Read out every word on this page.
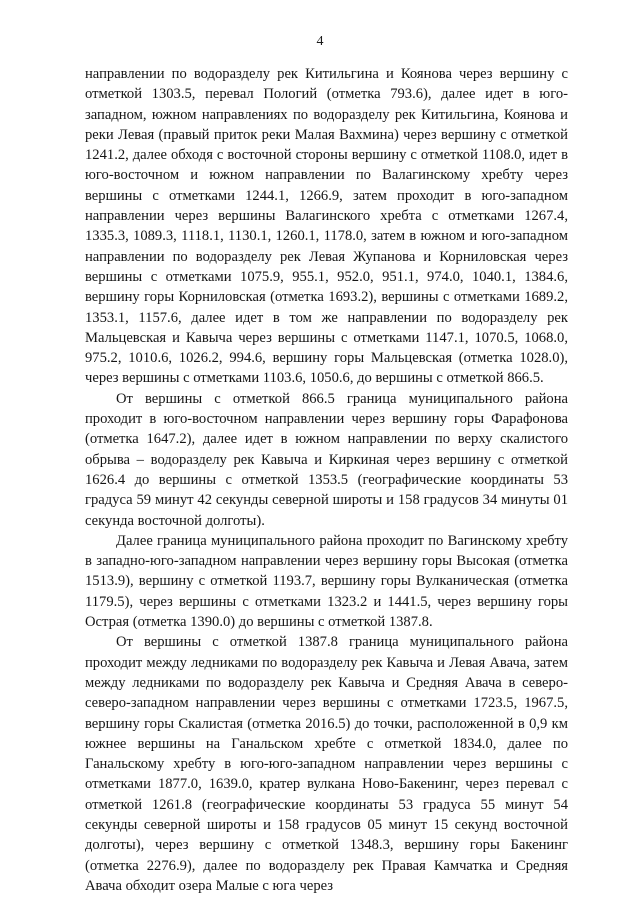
4

направлении по водоразделу рек Китильгина и Коянова через вершину с отметкой 1303.5, перевал Пологий (отметка 793.6), далее идет в юго-западном, южном направлениях по водоразделу рек Китильгина, Коянова и реки Левая (правый приток реки Малая Вахмина) через вершину с отметкой 1241.2, далее обходя с восточной стороны вершину с отметкой 1108.0, идет в юго-восточном и южном направлении по Валагинскому хребту через вершины с отметками 1244.1, 1266.9, затем проходит в юго-западном направлении через вершины Валагинского хребта с отметками 1267.4, 1335.3, 1089.3, 1118.1, 1130.1, 1260.1, 1178.0, затем в южном и юго-западном направлении по водоразделу рек Левая Жупанова и Корниловская через вершины с отметками 1075.9, 955.1, 952.0, 951.1, 974.0, 1040.1, 1384.6, вершину горы Корниловская (отметка 1693.2), вершины с отметками 1689.2, 1353.1, 1157.6, далее идет в том же направлении по водоразделу рек Мальцевская и Кавыча через вершины с отметками 1147.1, 1070.5, 1068.0, 975.2, 1010.6, 1026.2, 994.6, вершину горы Мальцевская (отметка 1028.0), через вершины с отметками 1103.6, 1050.6, до вершины с отметкой 866.5.

От вершины с отметкой 866.5 граница муниципального района проходит в юго-восточном направлении через вершину горы Фарафонова (отметка 1647.2), далее идет в южном направлении по верху скалистого обрыва – водоразделу рек Кавыча и Киркиная через вершину с отметкой 1626.4 до вершины с отметкой 1353.5 (географические координаты 53 градуса 59 минут 42 секунды северной широты и 158 градусов 34 минуты 01 секунда восточной долготы).

Далее граница муниципального района проходит по Вагинскому хребту в западно-юго-западном направлении через вершину горы Высокая (отметка 1513.9), вершину с отметкой 1193.7, вершину горы Вулканическая (отметка 1179.5), через вершины с отметками 1323.2 и 1441.5, через вершину горы Острая (отметка 1390.0) до вершины с отметкой 1387.8.

От вершины с отметкой 1387.8 граница муниципального района проходит между ледниками по водоразделу рек Кавыча и Левая Авача, затем между ледниками по водоразделу рек Кавыча и Средняя Авача в северо-северо-западном направлении через вершины с отметками 1723.5, 1967.5, вершину горы Скалистая (отметка 2016.5) до точки, расположенной в 0,9 км южнее вершины на Ганальском хребте с отметкой 1834.0, далее по Ганальскому хребту в юго-юго-западном направлении через вершины с отметками 1877.0, 1639.0, кратер вулкана Ново-Бакенинг, через перевал с отметкой 1261.8 (географические координаты 53 градуса 55 минут 54 секунды северной широты и 158 градусов 05 минут 15 секунд восточной долготы), через вершину с отметкой 1348.3, вершину горы Бакенинг (отметка 2276.9), далее по водоразделу рек Правая Камчатка и Средняя Авача обходит озера Малые с юга через
